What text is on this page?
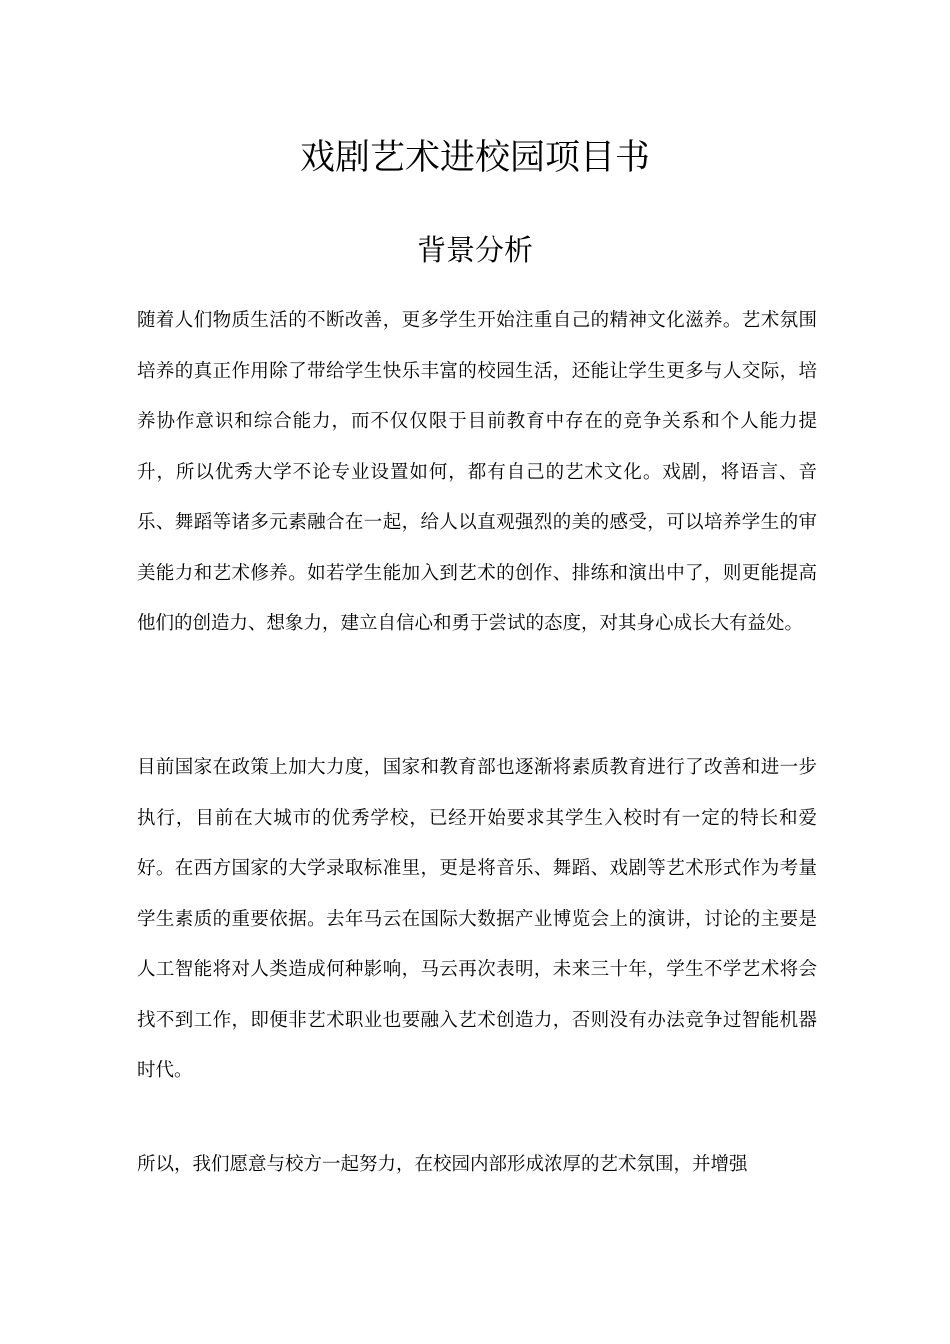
戏剧艺术进校园项目书
背景分析

随着人们物质生活的不断改善，更多学生开始注重自己的精神文化滋养。艺术氛围培养的真正作用除了带给学生快乐丰富的校园生活，还能让学生更多与人交际，培养协作意识和综合能力，而不仅仅限于目前教育中存在的竞争关系和个人能力提升，所以优秀大学不论专业设置如何，都有自己的艺术文化。戏剧，将语言、音乐、舞蹈等诸多元素融合在一起，给人以直观强烈的美的感受，可以培养学生的审美能力和艺术修养。如若学生能加入到艺术的创作、排练和演出中了，则更能提高他们的创造力、想象力，建立自信心和勇于尝试的态度，对其身心成长大有益处。

目前国家在政策上加大力度，国家和教育部也逐渐将素质教育进行了改善和进一步执行，目前在大城市的优秀学校，已经开始要求其学生入校时有一定的特长和爱好。在西方国家的大学录取标准里，更是将音乐、舞蹈、戏剧等艺术形式作为考量学生素质的重要依据。去年马云在国际大数据产业博览会上的演讲，讨论的主要是人工智能将对人类造成何种影响，马云再次表明，未来三十年，学生不学艺术将会找不到工作，即便非艺术职业也要融入艺术创造力，否则没有办法竞争过智能机器时代。

所以，我们愿意与校方一起努力，在校园内部形成浓厚的艺术氛围，并增强
